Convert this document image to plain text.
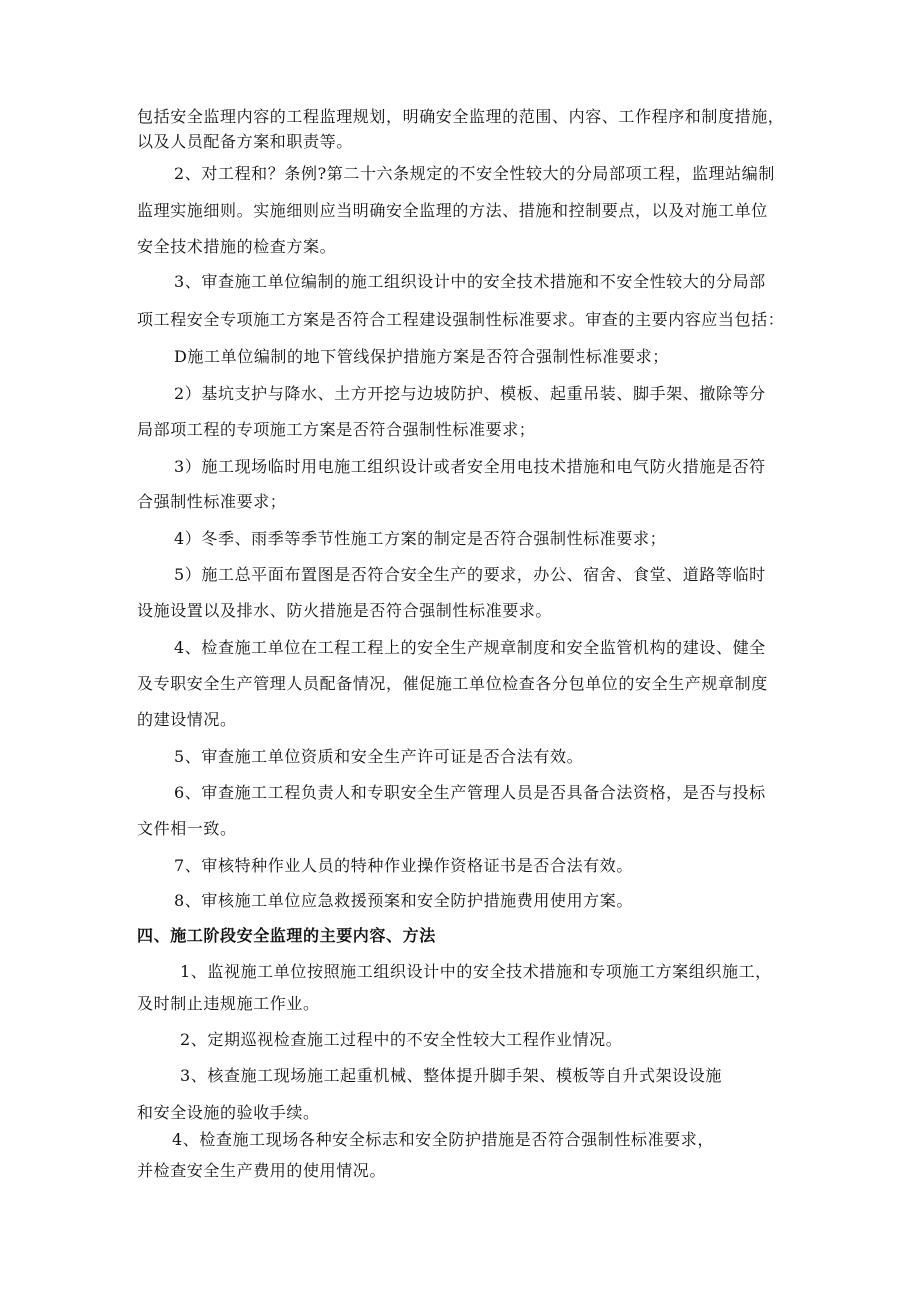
包括安全监理内容的工程监理规划，明确安全监理的范围、内容、工作程序和制度措施，
以及人员配备方案和职责等。
2、对工程和？条例?第二十六条规定的不安全性较大的分局部项工程，监理站编制
监理实施细则。实施细则应当明确安全监理的方法、措施和控制要点，以及对施工单位
安全技术措施的检查方案。
3、审查施工单位编制的施工组织设计中的安全技术措施和不安全性较大的分局部
项工程安全专项施工方案是否符合工程建设强制性标准要求。审查的主要内容应当包括：
D施工单位编制的地下管线保护措施方案是否符合强制性标准要求；
2）基坑支护与降水、土方开挖与边坡防护、模板、起重吊装、脚手架、撤除等分
局部项工程的专项施工方案是否符合强制性标准要求；
3）施工现场临时用电施工组织设计或者安全用电技术措施和电气防火措施是否符
合强制性标准要求；
4）冬季、雨季等季节性施工方案的制定是否符合强制性标准要求；
5）施工总平面布置图是否符合安全生产的要求，办公、宿舍、食堂、道路等临时
设施设置以及排水、防火措施是否符合强制性标准要求。
4、检查施工单位在工程工程上的安全生产规章制度和安全监管机构的建设、健全
及专职安全生产管理人员配备情况，催促施工单位检查各分包单位的安全生产规章制度
的建设情况。
5、审查施工单位资质和安全生产许可证是否合法有效。
6、审查施工工程负责人和专职安全生产管理人员是否具备合法资格，是否与投标
文件相一致。
7、审核特种作业人员的特种作业操作资格证书是否合法有效。
8、审核施工单位应急救援预案和安全防护措施费用使用方案。
四、施工阶段安全监理的主要内容、方法
1、监视施工单位按照施工组织设计中的安全技术措施和专项施工方案组织施工，
及时制止违规施工作业。
2、定期巡视检查施工过程中的不安全性较大工程作业情况。
3、核查施工现场施工起重机械、整体提升脚手架、模板等自升式架设设施
和安全设施的验收手续。
4、检查施工现场各种安全标志和安全防护措施是否符合强制性标准要求，
并检查安全生产费用的使用情况。
